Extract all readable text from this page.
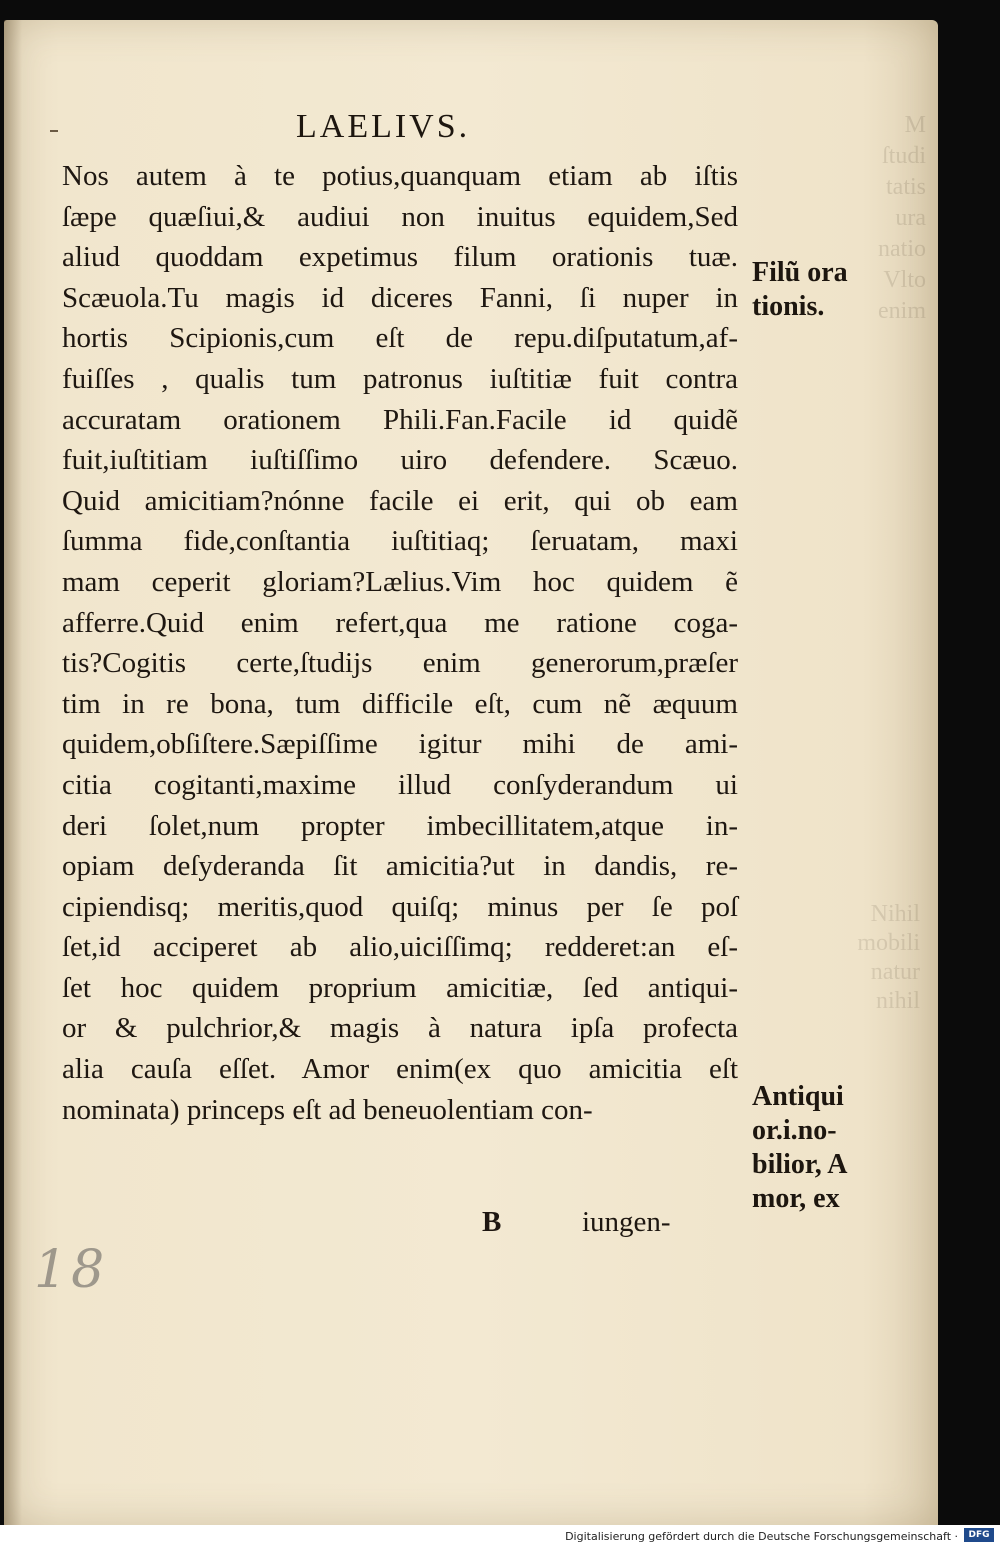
M
ſtudi
tatis
ura
natio
Vlto
enim
Nihil
mobili
natur
nihil
LAELIVS.
Nos autem à te potius,quanquam etiam ab iſtis
ſæpe quæſiui,& audiui non inuitus equidem,Sed
aliud quoddam expetimus filum orationis tuæ.
Scæuola.Tu magis id diceres Fanni, ſi nuper in
hortis Scipionis,cum eſt de repu.diſputatum,af-
fuiſſes , qualis tum patronus iuſtitiæ fuit contra
accuratam orationem Phili.Fan.Facile id quidẽ
fuit,iuſtitiam iuſtiſſimo uiro defendere. Scæuo.
Quid amicitiam?nónne facile ei erit, qui ob eam
ſumma fide,conſtantia iuſtitiaq; ſeruatam, maxi
mam ceperit gloriam?Lælius.Vim hoc quidem ẽ
afferre.Quid enim refert,qua me ratione coga-
tis?Cogitis certe,ſtudijs enim generorum,præſer
tim in re bona, tum difficile eſt, cum nẽ æquum
quidem,obſiſtere.Sæpiſſime igitur mihi de ami-
citia cogitanti,maxime illud conſyderandum ui
deri ſolet,num propter imbecillitatem,atque in-
opiam deſyderanda ſit amicitia?ut in dandis, re-
cipiendisq; meritis,quod quiſq; minus per ſe poſ
ſet,id acciperet ab alio,uiciſſimq; redderet:an eſ-
ſet hoc quidem proprium amicitiæ, ſed antiqui-
or & pulchrior,& magis à natura ipſa profecta
alia cauſa eſſet. Amor enim(ex quo amicitia eſt
nominata) princeps eſt ad beneuolentiam con-
Filũ ora
tionis.
Antiqui
or.i.no-
bilior, A
mor, ex
B	iungen-
18
Digitalisierung gefördert durch die Deutsche Forschungsgemeinschaft ·	DFG
